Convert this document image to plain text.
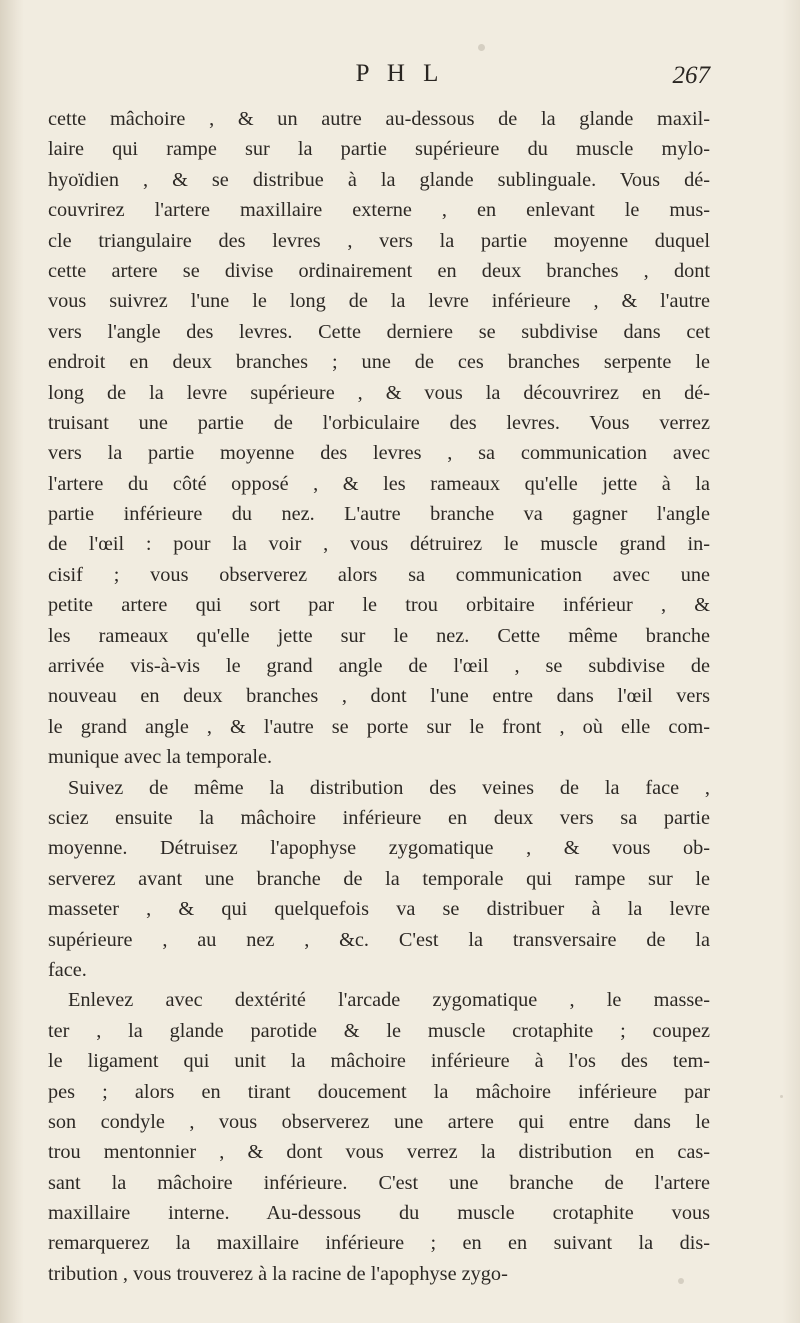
P H L	267
cette mâchoire , & un autre au-dessous de la glande maxil-
laire qui rampe sur la partie supérieure du muscle mylo-
hyoïdien , & se distribue à la glande sublinguale. Vous dé-
couvrirez l'artere maxillaire externe , en enlevant le mus-
cle triangulaire des levres , vers la partie moyenne duquel
cette artere se divise ordinairement en deux branches , dont
vous suivrez l'une le long de la levre inférieure , & l'autre
vers l'angle des levres. Cette derniere se subdivise dans cet
endroit en deux branches ; une de ces branches serpente le
long de la levre supérieure , & vous la découvrirez en dé-
truisant une partie de l'orbiculaire des levres. Vous verrez
vers la partie moyenne des levres , sa communication avec
l'artere du côté opposé , & les rameaux qu'elle jette à la
partie inférieure du nez. L'autre branche va gagner l'angle
de l'œil : pour la voir , vous détruirez le muscle grand in-
cisif ; vous observerez alors sa communication avec une
petite artere qui sort par le trou orbitaire inférieur , &
les rameaux qu'elle jette sur le nez. Cette même branche
arrivée vis-à-vis le grand angle de l'œil , se subdivise de
nouveau en deux branches , dont l'une entre dans l'œil vers
le grand angle , & l'autre se porte sur le front , où elle com-
munique avec la temporale.
Suivez de même la distribution des veines de la face ,
sciez ensuite la mâchoire inférieure en deux vers sa partie
moyenne. Détruisez l'apophyse zygomatique , & vous ob-
serverez avant une branche de la temporale qui rampe sur le
masseter , & qui quelquefois va se distribuer à la levre
supérieure , au nez , &c. C'est la transversaire de la
face.
Enlevez avec dextérité l'arcade zygomatique , le masse-
ter , la glande parotide & le muscle crotaphite ; coupez
le ligament qui unit la mâchoire inférieure à l'os des tem-
pes ; alors en tirant doucement la mâchoire inférieure par
son condyle , vous observerez une artere qui entre dans le
trou mentonnier , & dont vous verrez la distribution en cas-
sant la mâchoire inférieure. C'est une branche de l'artere
maxillaire interne. Au-dessous du muscle crotaphite vous
remarquerez la maxillaire inférieure ; en en suivant la dis-
tribution , vous trouverez à la racine de l'apophyse zygo-
